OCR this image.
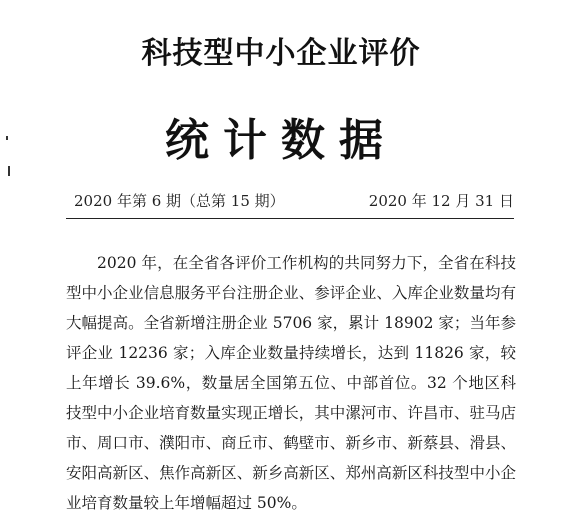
科技型中小企业评价
统计数据
2020 年第 6 期（总第 15 期）	2020 年 12 月 31 日

2020 年，在全省各评价工作机构的共同努力下，全省在科技型中小企业信息服务平台注册企业、参评企业、入库企业数量均有大幅提高。全省新增注册企业 5706 家，累计 18902 家；当年参评企业 12236 家；入库企业数量持续增长，达到 11826 家，较上年增长 39.6%，数量居全国第五位、中部首位。32 个地区科技型中小企业培育数量实现正增长，其中漯河市、许昌市、驻马店市、周口市、濮阳市、商丘市、鹤壁市、新乡市、新蔡县、滑县、安阳高新区、焦作高新区、新乡高新区、郑州高新区科技型中小企业培育数量较上年增幅超过 50%。
